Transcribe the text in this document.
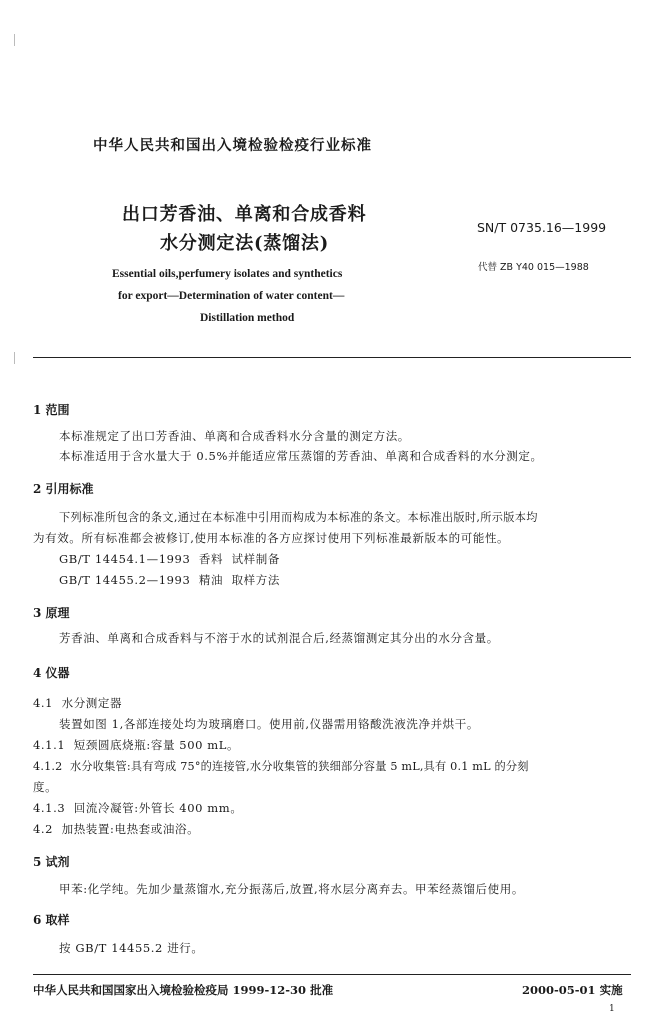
中华人民共和国出入境检验检疫行业标准
出口芳香油、单离和合成香料
水分测定法(蒸馏法)
SN/T 0735.16—1999
代替 ZB Y40 015—1988
Essential oils,perfumery isolates and synthetics
for export—Determination of water content—
Distillation method
1 范围
本标准规定了出口芳香油、单离和合成香料水分含量的测定方法。
本标准适用于含水量大于 0.5%并能适应常压蒸馏的芳香油、单离和合成香料的水分测定。
2 引用标准
下列标准所包含的条文,通过在本标准中引用而构成为本标准的条文。本标准出版时,所示版本均
为有效。所有标准都会被修订,使用本标准的各方应探讨使用下列标准最新版本的可能性。
GB/T 14454.1—1993  香料  试样制备
GB/T 14455.2—1993  精油  取样方法
3 原理
芳香油、单离和合成香料与不溶于水的试剂混合后,经蒸馏测定其分出的水分含量。
4 仪器
4.1  水分测定器
装置如图 1,各部连接处均为玻璃磨口。使用前,仪器需用铬酸洗液洗净并烘干。
4.1.1  短颈圆底烧瓶:容量 500 mL。
4.1.2  水分收集管:具有弯成 75°的连接管,水分收集管的狭细部分容量 5 mL,具有 0.1 mL 的分刻
度。
4.1.3  回流冷凝管:外管长 400 mm。
4.2  加热装置:电热套或油浴。
5 试剂
甲苯:化学纯。先加少量蒸馏水,充分振荡后,放置,将水层分离弃去。甲苯经蒸馏后使用。
6 取样
按 GB/T 14455.2 进行。
中华人民共和国国家出入境检验检疫局 1999-12-30 批准	2000-05-01 实施
1
